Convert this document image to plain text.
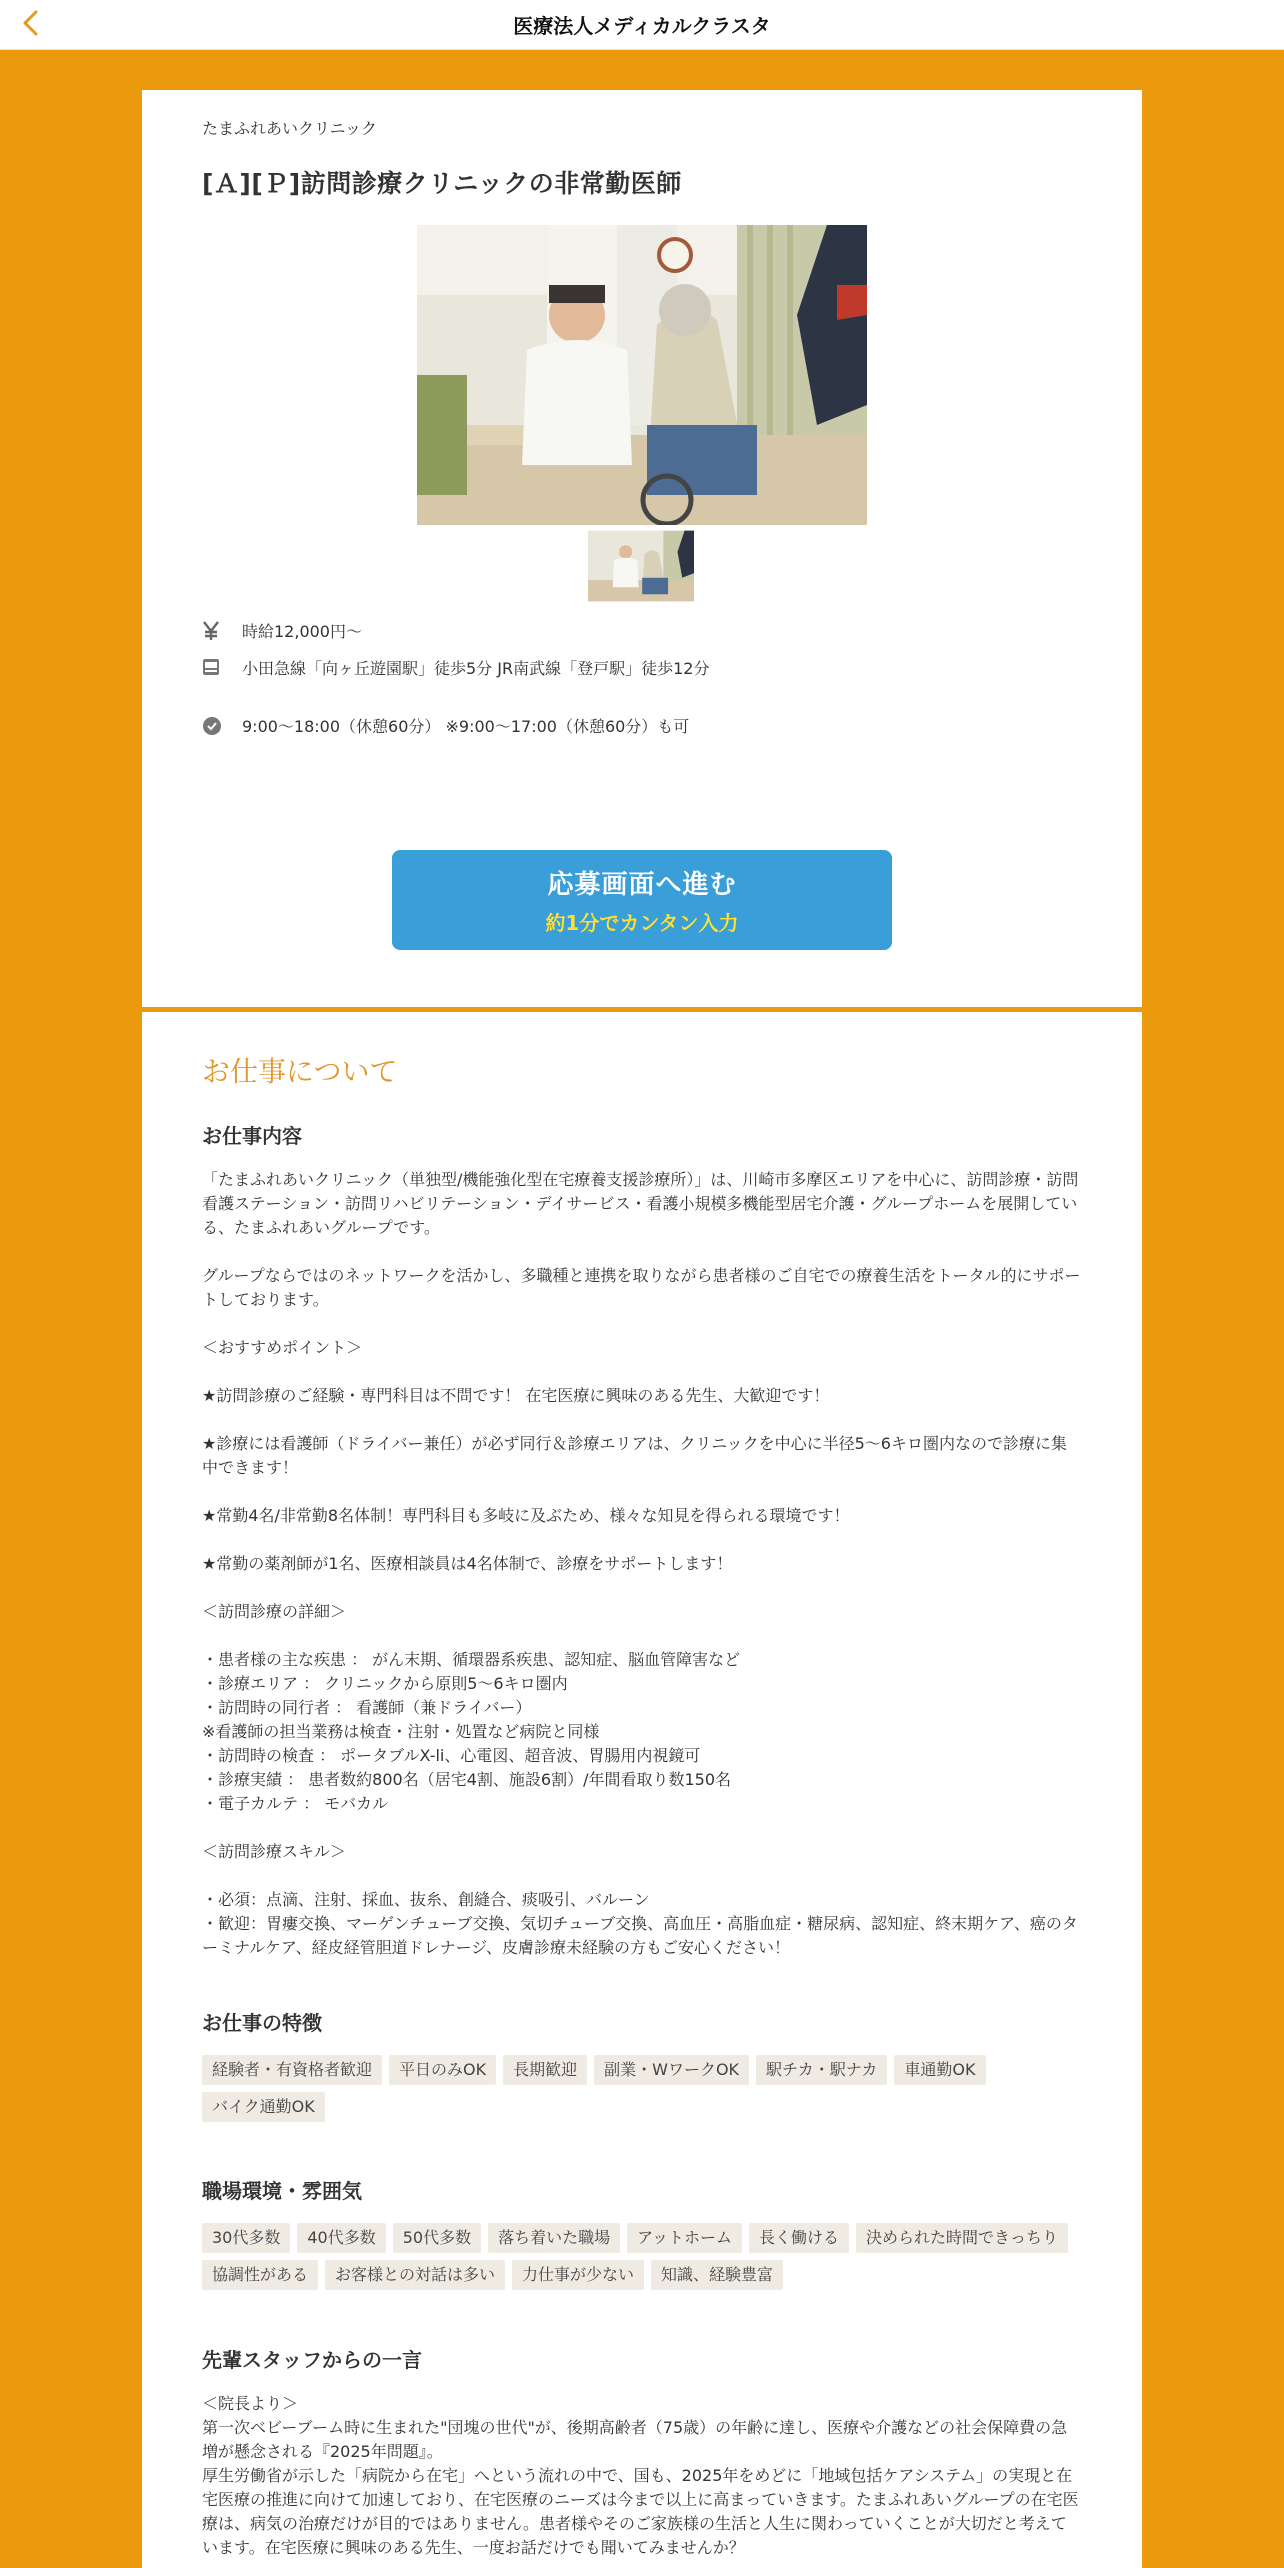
医療法人メディカルクラスタ
たまふれあいクリニック
[Ａ][Ｐ]訪問診療クリニックの非常勤医師
時給12,000円〜
小田急線「向ヶ丘遊園駅」徒歩5分 JR南武線「登戸駅」徒歩12分
9:00～18:00（休憩60分） ※9:00～17:00（休憩60分）も可
応募画面へ進む
約1分でカンタン入力
お仕事について
お仕事内容
「たまふれあいクリニック（単独型/機能強化型在宅療養支援診療所）」は、川崎市多摩区エリアを中心に、訪問診療・訪問看護ステーション・訪問リハビリテーション・デイサービス・看護小規模多機能型居宅介護・グループホームを展開している、たまふれあいグループです。
グループならではのネットワークを活かし、多職種と連携を取りながら患者様のご自宅での療養生活をトータル的にサポートしております。
＜おすすめポイント＞
★訪問診療のご経験・専門科目は不問です！ 在宅医療に興味のある先生、大歓迎です！
★診療には看護師（ドライバー兼任）が必ず同行＆診療エリアは、クリニックを中心に半径5～6キロ圏内なので診療に集中できます！
★常勤4名/非常勤8名体制！専門科目も多岐に及ぶため、様々な知見を得られる環境です！
★常勤の薬剤師が1名、医療相談員は4名体制で、診療をサポートします！
＜訪問診療の詳細＞
・患者様の主な疾患 ： がん末期、循環器系疾患、認知症、脳血管障害など
・診療エリア ： クリニックから原則5～6キロ圏内
・訪問時の同行者 ： 看護師（兼ドライバー）
※看護師の担当業務は検査・注射・処置など病院と同様
・訪問時の検査 ： ポータブルX-li、心電図、超音波、胃腸用内視鏡可
・診療実績 ： 患者数約800名（居宅4割、施設6割）/年間看取り数150名
・電子カルテ ： モバカル
＜訪問診療スキル＞
・必須：点滴、注射、採血、抜糸、創縫合、痰吸引、バルーン
・歓迎：胃瘻交換、マーゲンチューブ交換、気切チューブ交換、高血圧・高脂血症・糖尿病、認知症、終末期ケア、癌のターミナルケア、経皮経管胆道ドレナージ、皮膚診療未経験の方もご安心ください！
お仕事の特徴
経験者・有資格者歓迎	平日のみOK	長期歓迎	副業・WワークOK	駅チカ・駅ナカ	車通勤OK
バイク通勤OK
職場環境・雰囲気
30代多数	40代多数	50代多数	落ち着いた職場	アットホーム	長く働ける	決められた時間できっちり
協調性がある	お客様との対話は多い	力仕事が少ない	知識、経験豊富
先輩スタッフからの一言
＜院長より＞
第一次ベビーブーム時に生まれた"団塊の世代"が、後期高齢者（75歳）の年齢に達し、医療や介護などの社会保障費の急増が懸念される『2025年問題』。
厚生労働省が示した「病院から在宅」へという流れの中で、国も、2025年をめどに「地域包括ケアシステム」の実現と在宅医療の推進に向けて加速しており、在宅医療のニーズは今まで以上に高まっていきます。たまふれあいグループの在宅医療は、病気の治療だけが目的ではありません。患者様やそのご家族様の生活と人生に関わっていくことが大切だと考えています。在宅医療に興味のある先生、一度お話だけでも聞いてみませんか？
